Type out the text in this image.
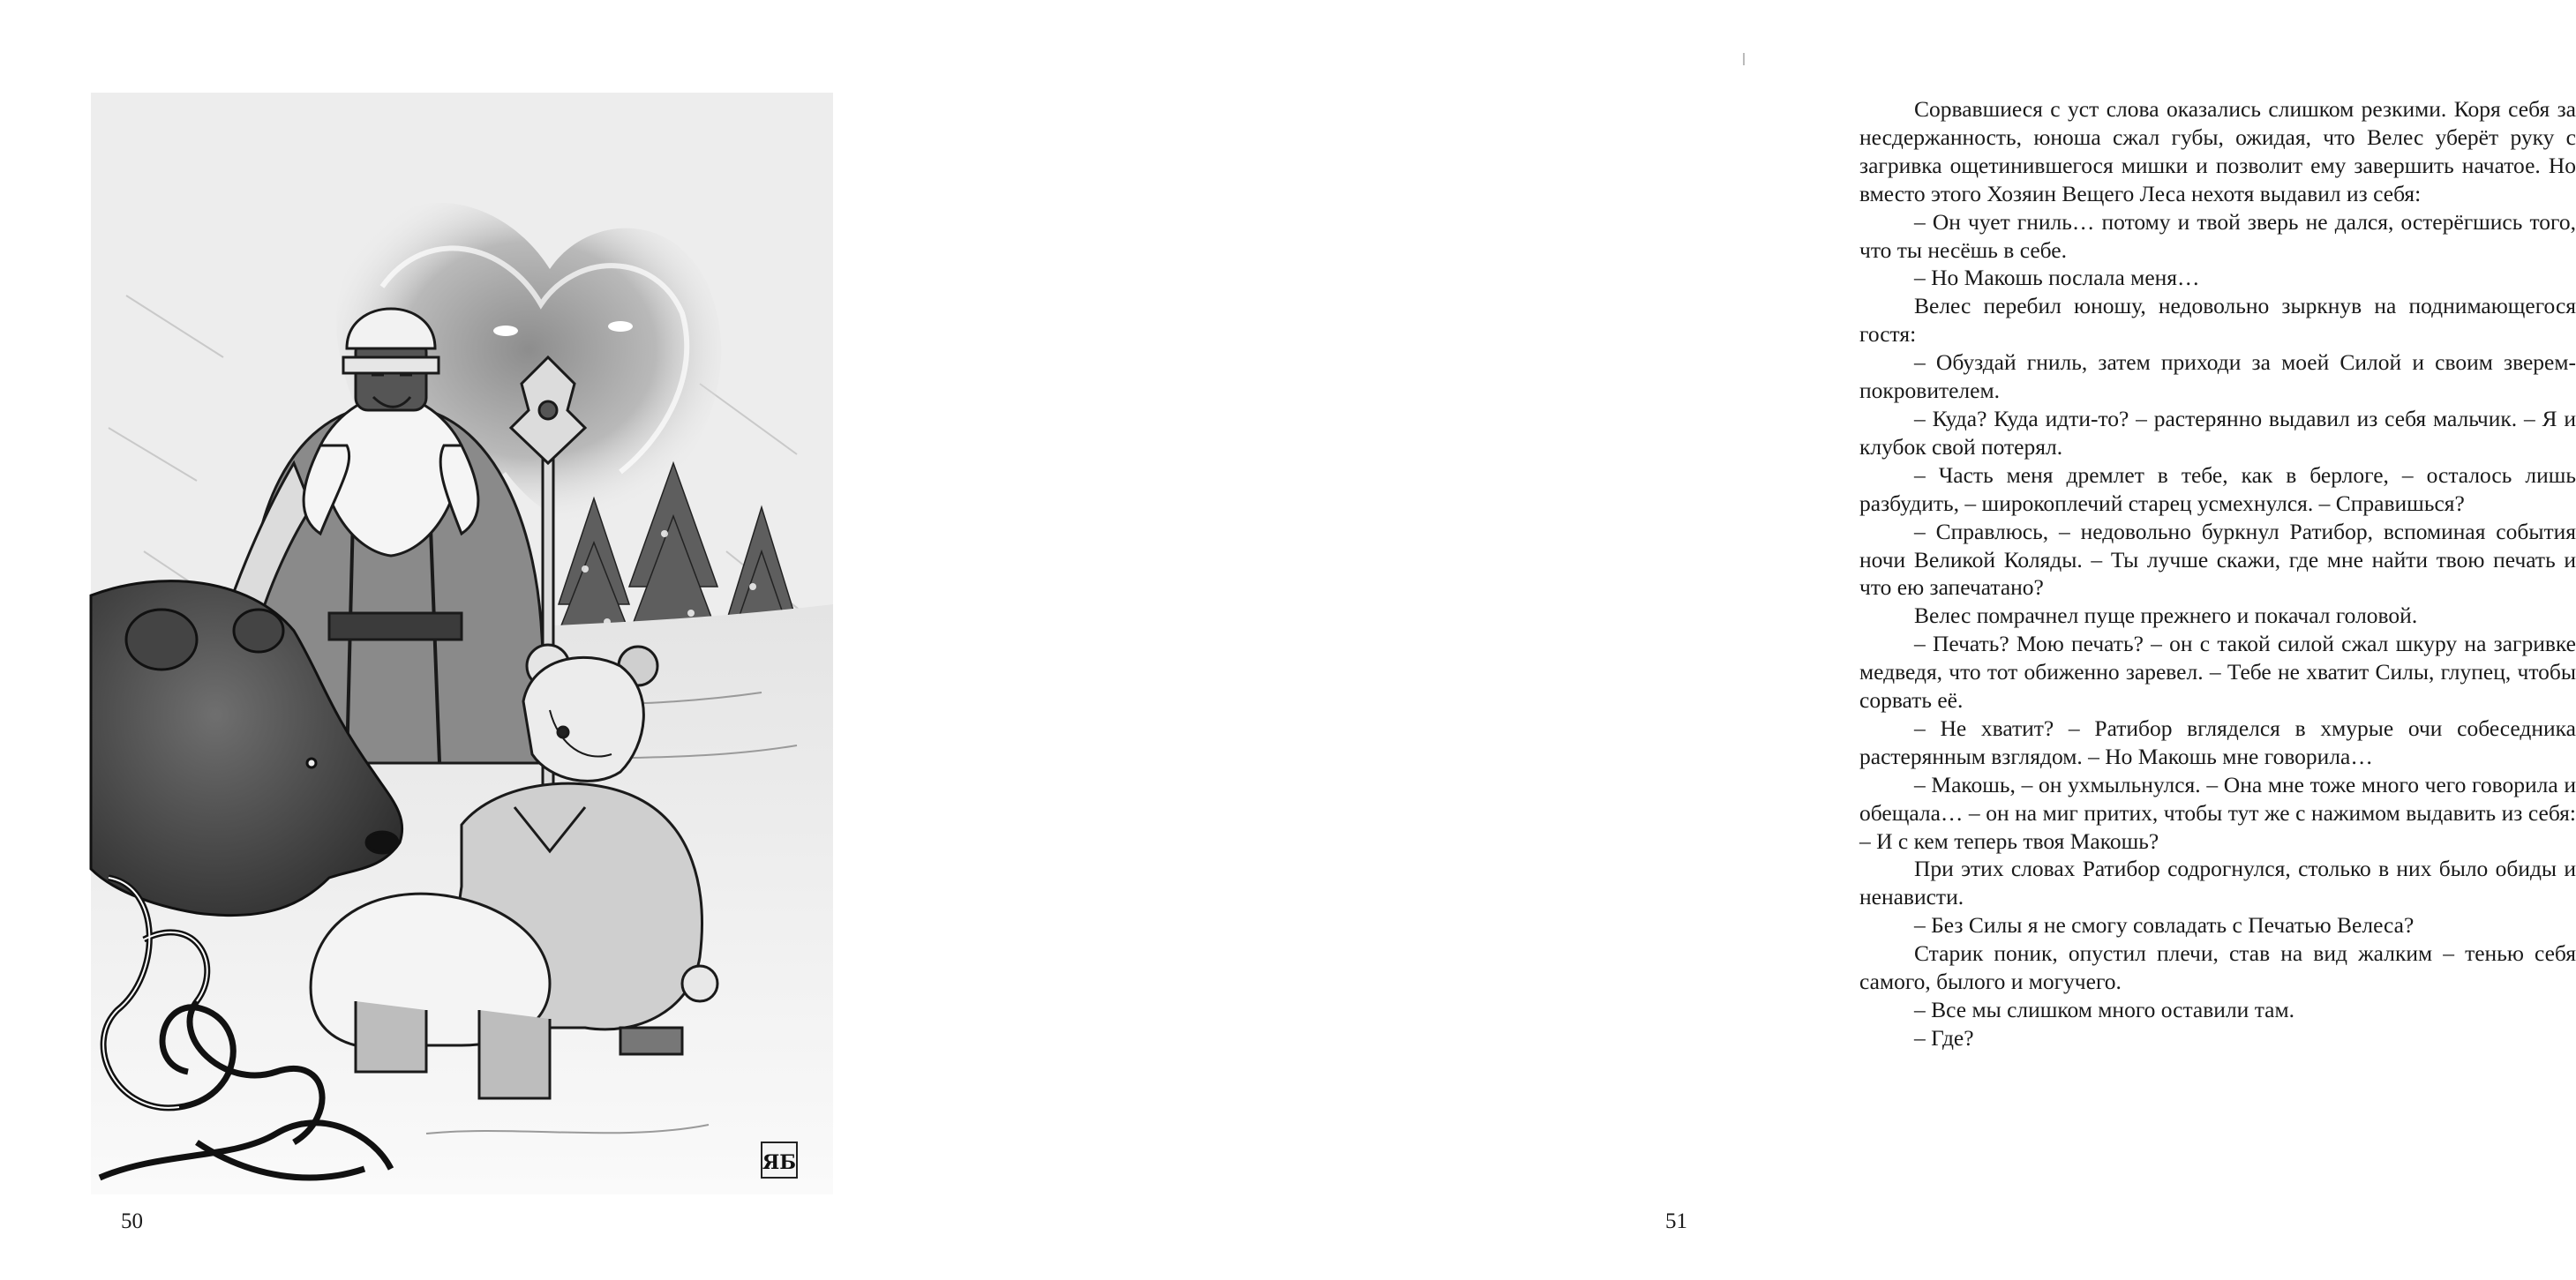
ЯБ
50

Сорвавшиеся с уст слова оказались слишком резкими. Коря себя за несдержанность, юноша сжал губы, ожидая, что Велес уберёт руку с загривка ощетинившегося мишки и позволит ему завершить начатое. Но вместо этого Хозяин Вещего Леса нехотя выдавил из себя:

– Он чует гниль… потому и твой зверь не дался, остерёгшись того, что ты несёшь в себе.

– Но Макошь послала меня…

Велес перебил юношу, недовольно зыркнув на поднимающегося гостя:

– Обуздай гниль, затем приходи за моей Силой и своим зверем-покровителем.

– Куда? Куда идти-то? – растерянно выдавил из себя мальчик. – Я и клубок свой потерял.

– Часть меня дремлет в тебе, как в берлоге, – осталось лишь разбудить, – широкоплечий старец усмехнулся. – Справишься?

– Справлюсь, – недовольно буркнул Ратибор, вспоминая события ночи Великой Коляды. – Ты лучше скажи, где мне найти твою печать и что ею запечатано?

Велес помрачнел пуще прежнего и покачал головой.

– Печать? Мою печать? – он с такой силой сжал шкуру на загривке медведя, что тот обиженно заревел. – Тебе не хватит Силы, глупец, чтобы сорвать её.

– Не хватит? – Ратибор вгляделся в хмурые очи собеседника растерянным взглядом. – Но Макошь мне говорила…

– Макошь, – он ухмыльнулся. – Она мне тоже много чего говорила и обещала… – он на миг притих, чтобы тут же с нажимом выдавить из себя: – И с кем теперь твоя Макошь?

При этих словах Ратибор содрогнулся, столько в них было обиды и ненависти.

– Без Силы я не смогу совладать с Печатью Велеса?

Старик поник, опустил плечи, став на вид жалким – тенью себя самого, былого и могучего.

– Все мы слишком много оставили там.

– Где?

51
